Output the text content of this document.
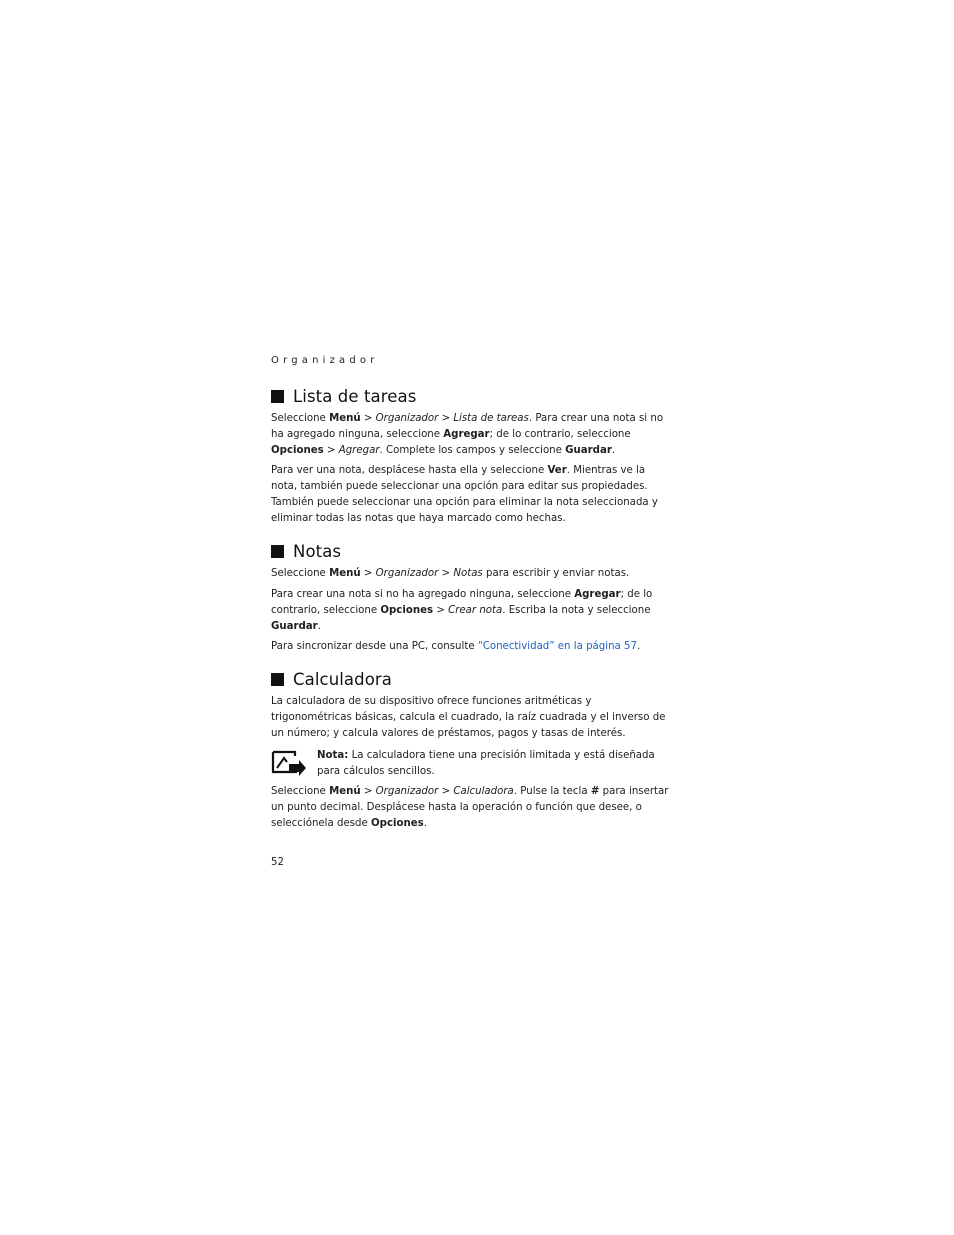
Organizador
Lista de tareas

Seleccione Menú > Organizador > Lista de tareas. Para crear una nota si no ha agregado ninguna, seleccione Agregar; de lo contrario, seleccione Opciones > Agregar. Complete los campos y seleccione Guardar.

Para ver una nota, desplácese hasta ella y seleccione Ver. Mientras ve la nota, también puede seleccionar una opción para editar sus propiedades. También puede seleccionar una opción para eliminar la nota seleccionada y eliminar todas las notas que haya marcado como hechas.

Notas

Seleccione Menú > Organizador > Notas para escribir y enviar notas.

Para crear una nota si no ha agregado ninguna, seleccione Agregar; de lo contrario, seleccione Opciones > Crear nota. Escriba la nota y seleccione Guardar.

Para sincronizar desde una PC, consulte “Conectividad” en la página 57.

Calculadora

La calculadora de su dispositivo ofrece funciones aritméticas y trigonométricas básicas, calcula el cuadrado, la raíz cuadrada y el inverso de un número; y calcula valores de préstamos, pagos y tasas de interés.

Nota: La calculadora tiene una precisión limitada y está diseñada para cálculos sencillos.

Seleccione Menú > Organizador > Calculadora. Pulse la tecla # para insertar un punto decimal. Desplácese hasta la operación o función que desee, o selecciónela desde Opciones.

52
